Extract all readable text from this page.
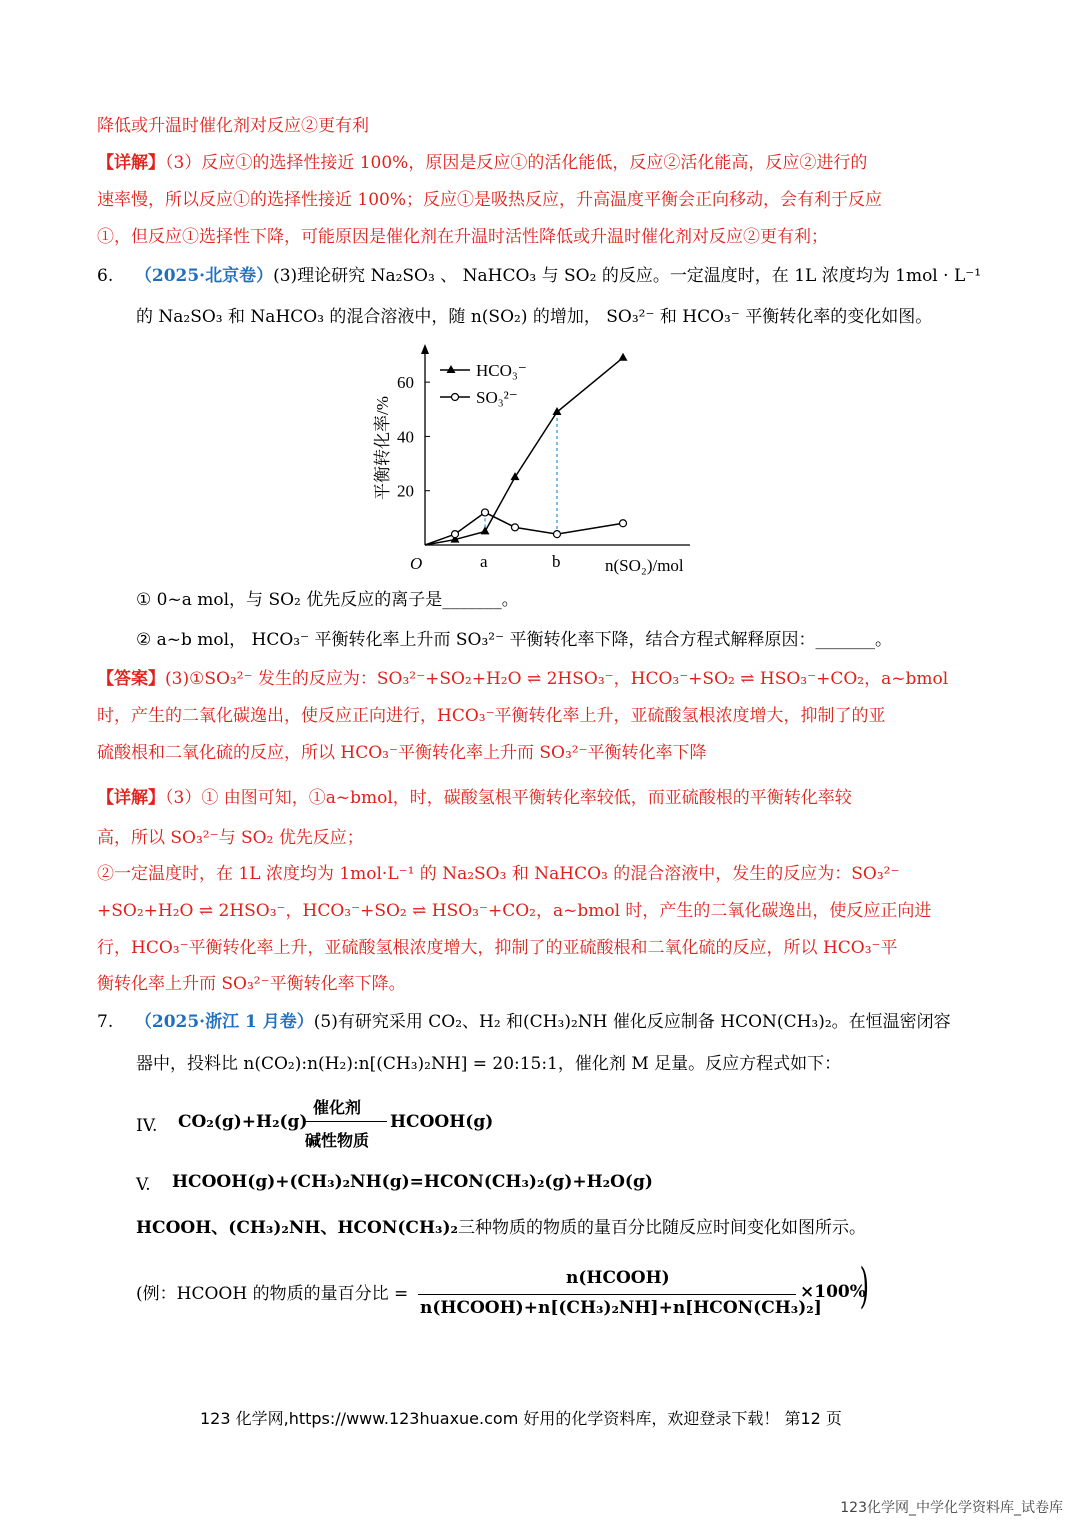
降低或升温时催化剂对反应②更有利
【详解】（3）反应①的选择性接近 100%，原因是反应①的活化能低，反应②活化能高，反应②进行的
速率慢，所以反应①的选择性接近 100%；反应①是吸热反应，升高温度平衡会正向移动，会有利于反应
①，但反应①选择性下降，可能原因是催化剂在升温时活性降低或升温时催化剂对反应②更有利；
6. （2025·北京卷）(3)理论研究 Na₂SO₃ 、 NaHCO₃ 与 SO₂ 的反应。一定温度时，在 1L 浓度均为 1mol · L⁻¹
的 Na₂SO₃ 和 NaHCO₃ 的混合溶液中，随 n(SO₂) 的增加， SO₃²⁻ 和 HCO₃⁻ 平衡转化率的变化如图。
20
40
60
平衡转化率/%
O	a	b	n(SO₂)/mol
HCO₃⁻
SO₃²⁻
① 0~a mol，与 SO₂ 优先反应的离子是_______。
② a~b mol， HCO₃⁻ 平衡转化率上升而 SO₃²⁻ 平衡转化率下降，结合方程式解释原因：_______。
【答案】(3)①SO₃²⁻ 发生的反应为：SO₃²⁻+SO₂+H₂O ⇌ 2HSO₃⁻，HCO₃⁻+SO₂ ⇌ HSO₃⁻+CO₂，a~bmol
时，产生的二氧化碳逸出，使反应正向进行，HCO₃⁻平衡转化率上升，亚硫酸氢根浓度增大，抑制了的亚
硫酸根和二氧化硫的反应，所以 HCO₃⁻平衡转化率上升而 SO₃²⁻平衡转化率下降
【详解】（3）① 由图可知，①a~bmol，时，碳酸氢根平衡转化率较低，而亚硫酸根的平衡转化率较
高，所以 SO₃²⁻与 SO₂ 优先反应；
②一定温度时，在 1L 浓度均为 1mol·L⁻¹ 的 Na₂SO₃ 和 NaHCO₃ 的混合溶液中，发生的反应为：SO₃²⁻
+SO₂+H₂O ⇌ 2HSO₃⁻，HCO₃⁻+SO₂ ⇌ HSO₃⁻+CO₂，a~bmol 时，产生的二氧化碳逸出，使反应正向进
行，HCO₃⁻平衡转化率上升，亚硫酸氢根浓度增大，抑制了的亚硫酸根和二氧化硫的反应，所以 HCO₃⁻平
衡转化率上升而 SO₃²⁻平衡转化率下降。
7. （2025·浙江 1 月卷）(5)有研究采用 CO₂、H₂ 和(CH₃)₂NH 催化反应制备 HCON(CH₃)₂。在恒温密闭容
器中，投料比 n(CO₂):n(H₂):n[(CH₃)₂NH] = 20:15:1，催化剂 M 足量。反应方程式如下：
IV. CO₂(g)+H₂(g)
催化剂
碱性物质
HCOOH(g)
V. HCOOH(g)+(CH₃)₂NH(g)=HCON(CH₃)₂(g)+H₂O(g)
HCOOH、(CH₃)₂NH、HCON(CH₃)₂三种物质的物质的量百分比随反应时间变化如图所示。
(例：HCOOH 的物质的量百分比 =
n(HCOOH)
n(HCOOH)+n[(CH₃)₂NH]+n[HCON(CH₃)₂]
×100%
)
123 化学网,https://www.123huaxue.com 好用的化学资料库，欢迎登录下载！ 第12 页
123化学网_中学化学资料库_试卷库
